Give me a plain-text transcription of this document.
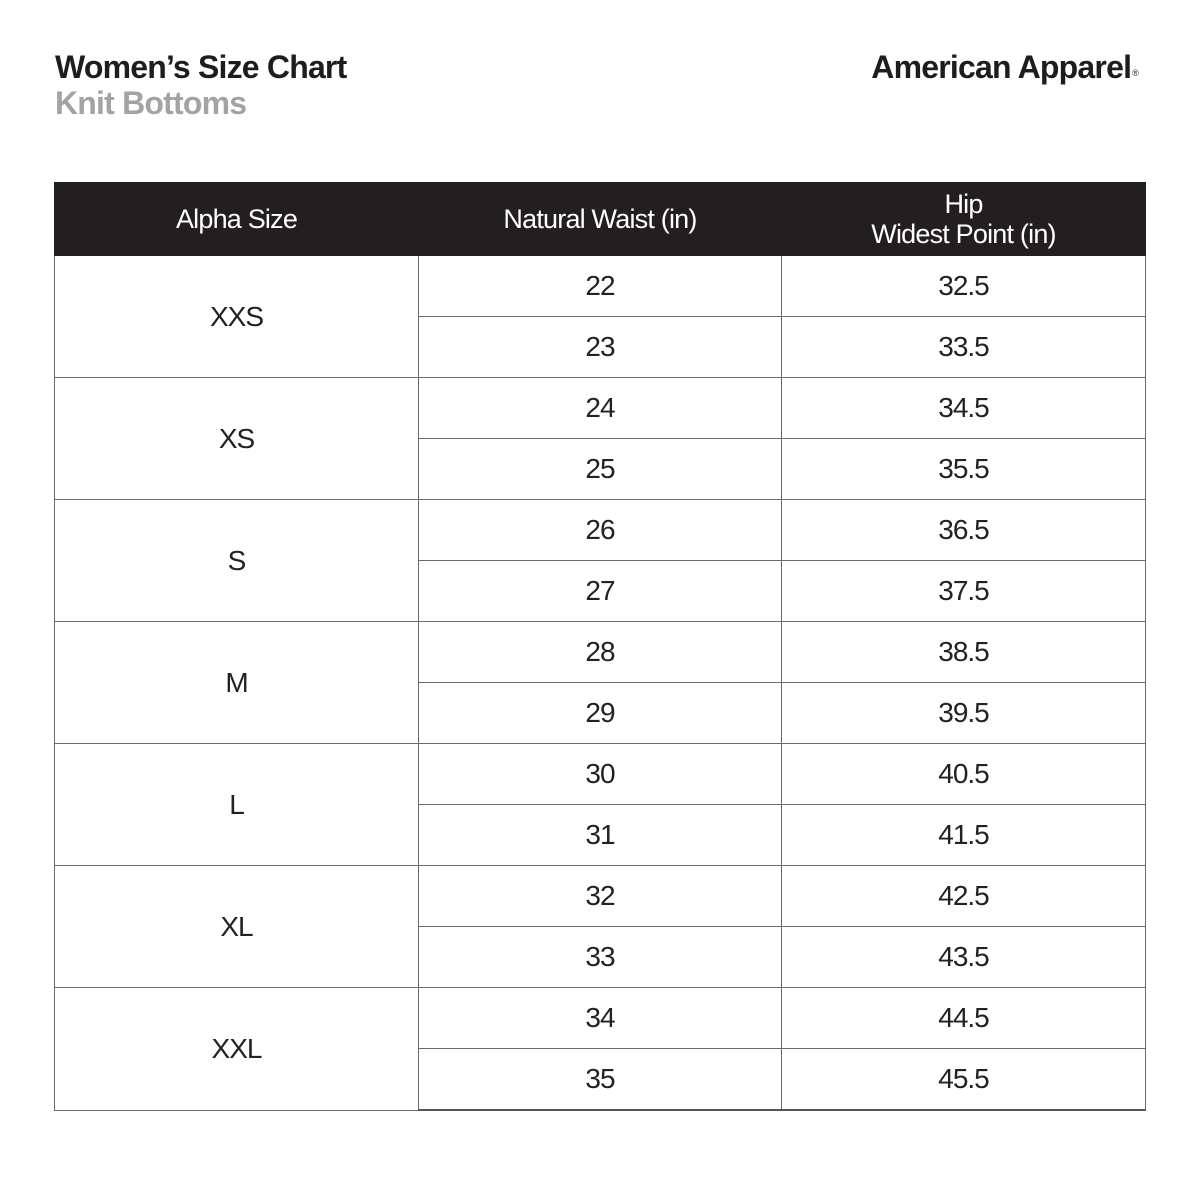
Women’s Size Chart
Knit Bottoms
American Apparel®
Alpha Size	Natural Waist (in)	Hip
Widest Point (in)

XXS	22	32.5
	23	33.5
XS	24	34.5
	25	35.5
S	26	36.5
	27	37.5
M	28	38.5
	29	39.5
L	30	40.5
	31	41.5
XL	32	42.5
	33	43.5
XXL	34	44.5
	35	45.5
